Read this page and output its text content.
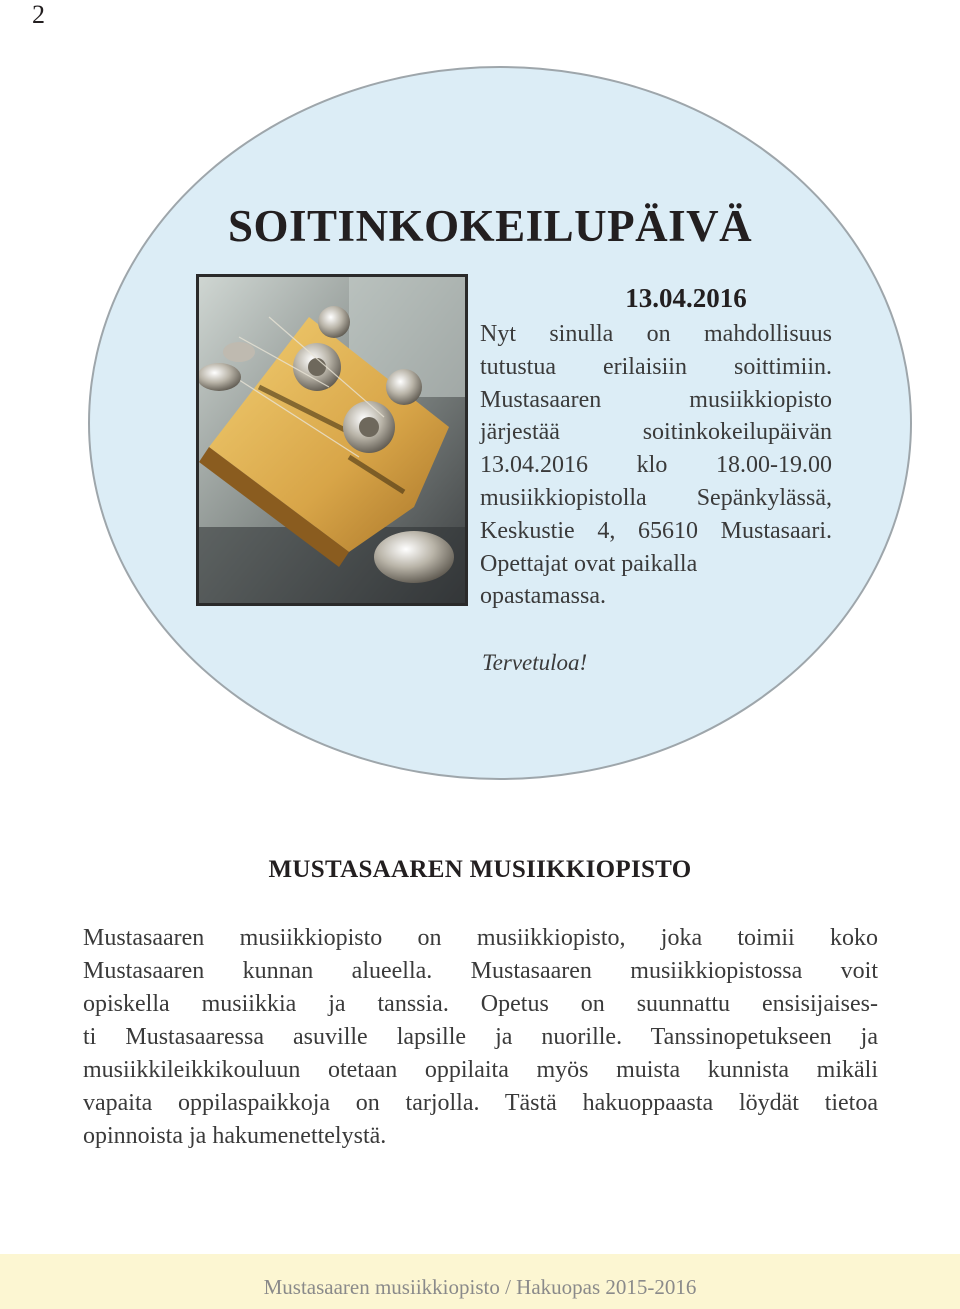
2
SOITINKOKEILUPÄIVÄ
13.04.2016
Nyt sinulla on mahdollisuus
tutustua erilaisiin soittimiin.
Mustasaaren musiikkiopisto
järjestää soitinkokeilupäivän
13.04.2016 klo 18.00-19.00
musiikkiopistolla Sepänkylässä,
Keskustie 4, 65610 Mustasaari.
Opettajat ovat paikalla
opastamassa.
Tervetuloa!
MUSTASAAREN MUSIIKKIOPISTO
Mustasaaren musiikkiopisto on musiikkiopisto, joka toimii koko
Mustasaaren kunnan alueella. Mustasaaren musiikkiopistossa voit
opiskella musiikkia ja tanssia. Opetus on suunnattu ensisijaises-
ti Mustasaaressa asuville lapsille ja nuorille. Tanssinopetukseen ja
musiikkileikkikouluun otetaan oppilaita myös muista kunnista mikäli
vapaita oppilaspaikkoja on tarjolla. Tästä hakuoppaasta löydät tietoa
opinnoista ja hakumenettelystä.
Mustasaaren musiikkiopisto / Hakuopas 2015-2016
